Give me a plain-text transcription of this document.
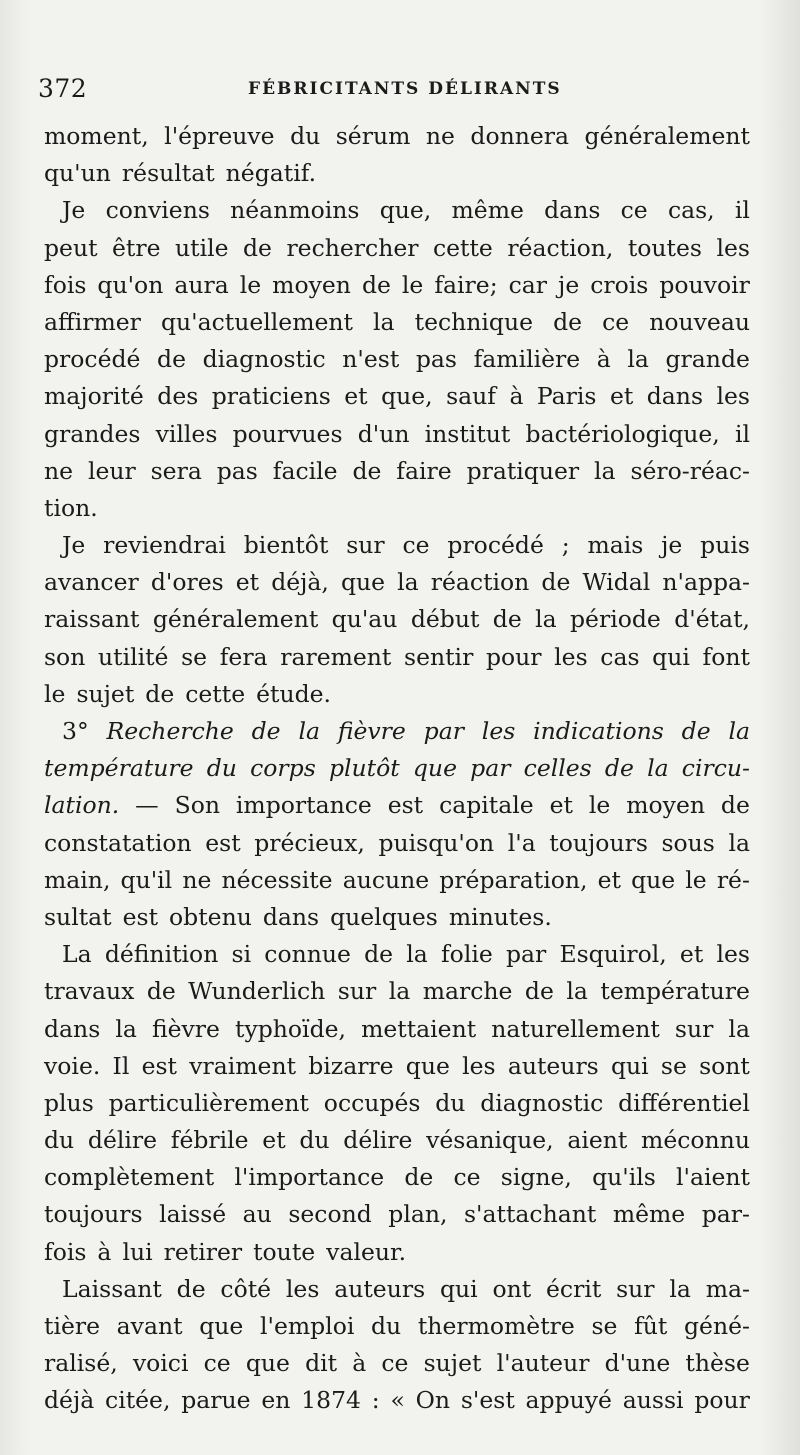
372	FÉBRICITANTS DÉLIRANTS
moment, l'épreuve du sérum ne donnera généralement
qu'un résultat négatif.
Je conviens néanmoins que, même dans ce cas, il
peut être utile de rechercher cette réaction, toutes les
fois qu'on aura le moyen de le faire; car je crois pouvoir
affirmer qu'actuellement la technique de ce nouveau
procédé de diagnostic n'est pas familière à la grande
majorité des praticiens et que, sauf à Paris et dans les
grandes villes pourvues d'un institut bactériologique, il
ne leur sera pas facile de faire pratiquer la séro-réac-
tion.
Je reviendrai bientôt sur ce procédé ; mais je puis
avancer d'ores et déjà, que la réaction de Widal n'appa-
raissant généralement qu'au début de la période d'état,
son utilité se fera rarement sentir pour les cas qui font
le sujet de cette étude.
3° Recherche de la fièvre par les indications de la
température du corps plutôt que par celles de la circu-
lation. — Son importance est capitale et le moyen de
constatation est précieux, puisqu'on l'a toujours sous la
main, qu'il ne nécessite aucune préparation, et que le ré-
sultat est obtenu dans quelques minutes.
La définition si connue de la folie par Esquirol, et les
travaux de Wunderlich sur la marche de la température
dans la fièvre typhoïde, mettaient naturellement sur la
voie. Il est vraiment bizarre que les auteurs qui se sont
plus particulièrement occupés du diagnostic différentiel
du délire fébrile et du délire vésanique, aient méconnu
complètement l'importance de ce signe, qu'ils l'aient
toujours laissé au second plan, s'attachant même par-
fois à lui retirer toute valeur.
Laissant de côté les auteurs qui ont écrit sur la ma-
tière avant que l'emploi du thermomètre se fût géné-
ralisé, voici ce que dit à ce sujet l'auteur d'une thèse
déjà citée, parue en 1874 : « On s'est appuyé aussi pour
